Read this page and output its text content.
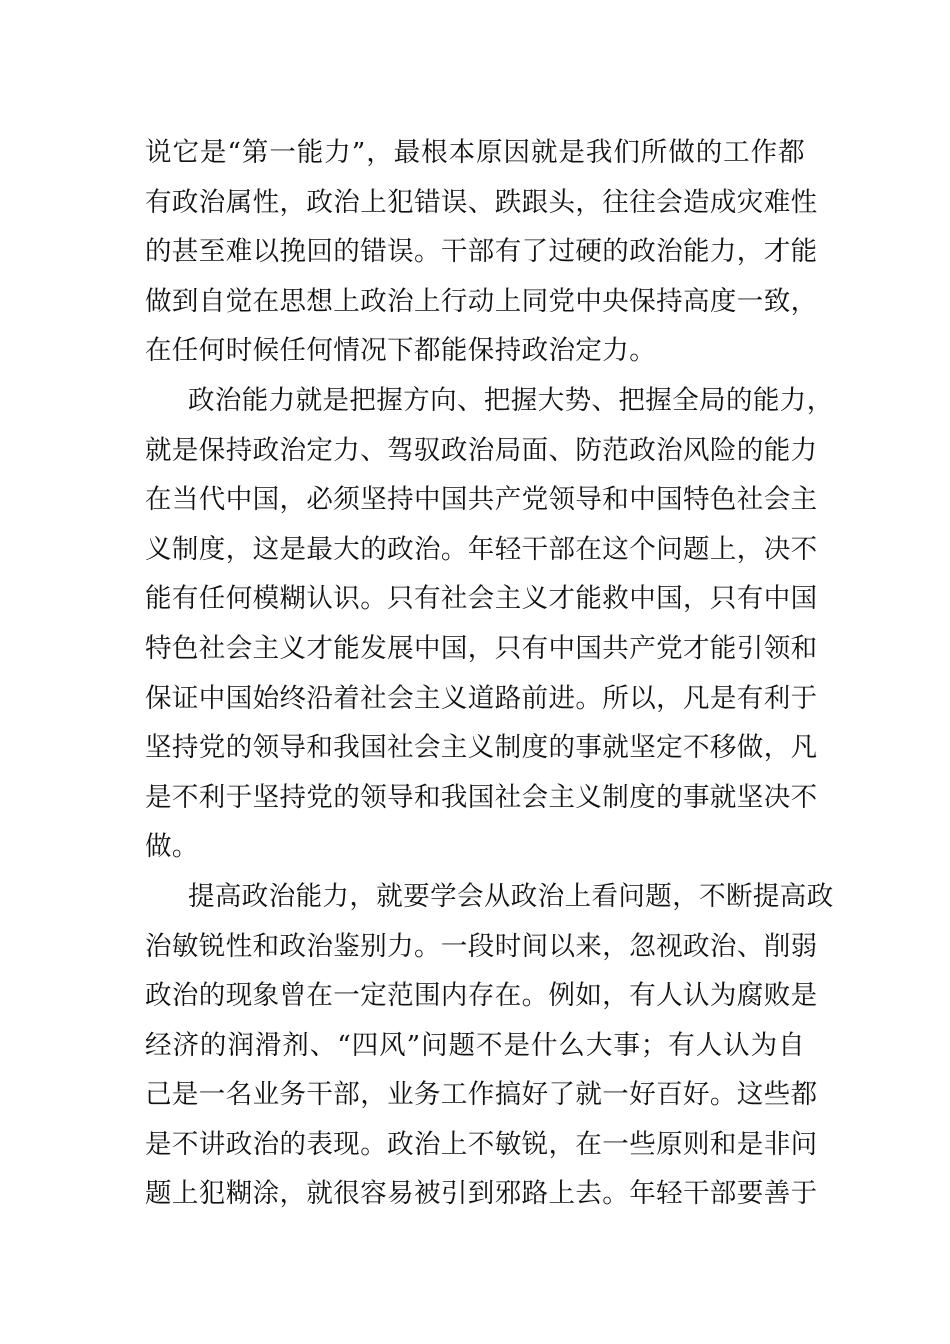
说它是“第一能力”，最根本原因就是我们所做的工作都
有政治属性，政治上犯错误、跌跟头，往往会造成灾难性
的甚至难以挽回的错误。干部有了过硬的政治能力，才能
做到自觉在思想上政治上行动上同党中央保持高度一致，
在任何时候任何情况下都能保持政治定力。
政治能力就是把握方向、把握大势、把握全局的能力，
就是保持政治定力、驾驭政治局面、防范政治风险的能力
在当代中国，必须坚持中国共产党领导和中国特色社会主
义制度，这是最大的政治。年轻干部在这个问题上，决不
能有任何模糊认识。只有社会主义才能救中国，只有中国
特色社会主义才能发展中国，只有中国共产党才能引领和
保证中国始终沿着社会主义道路前进。所以，凡是有利于
坚持党的领导和我国社会主义制度的事就坚定不移做，凡
是不利于坚持党的领导和我国社会主义制度的事就坚决不
做。
提高政治能力，就要学会从政治上看问题，不断提高政
治敏锐性和政治鉴别力。一段时间以来，忽视政治、削弱
政治的现象曾在一定范围内存在。例如，有人认为腐败是
经济的润滑剂、“四风”问题不是什么大事；有人认为自
己是一名业务干部，业务工作搞好了就一好百好。这些都
是不讲政治的表现。政治上不敏锐，在一些原则和是非问
题上犯糊涂，就很容易被引到邪路上去。年轻干部要善于
